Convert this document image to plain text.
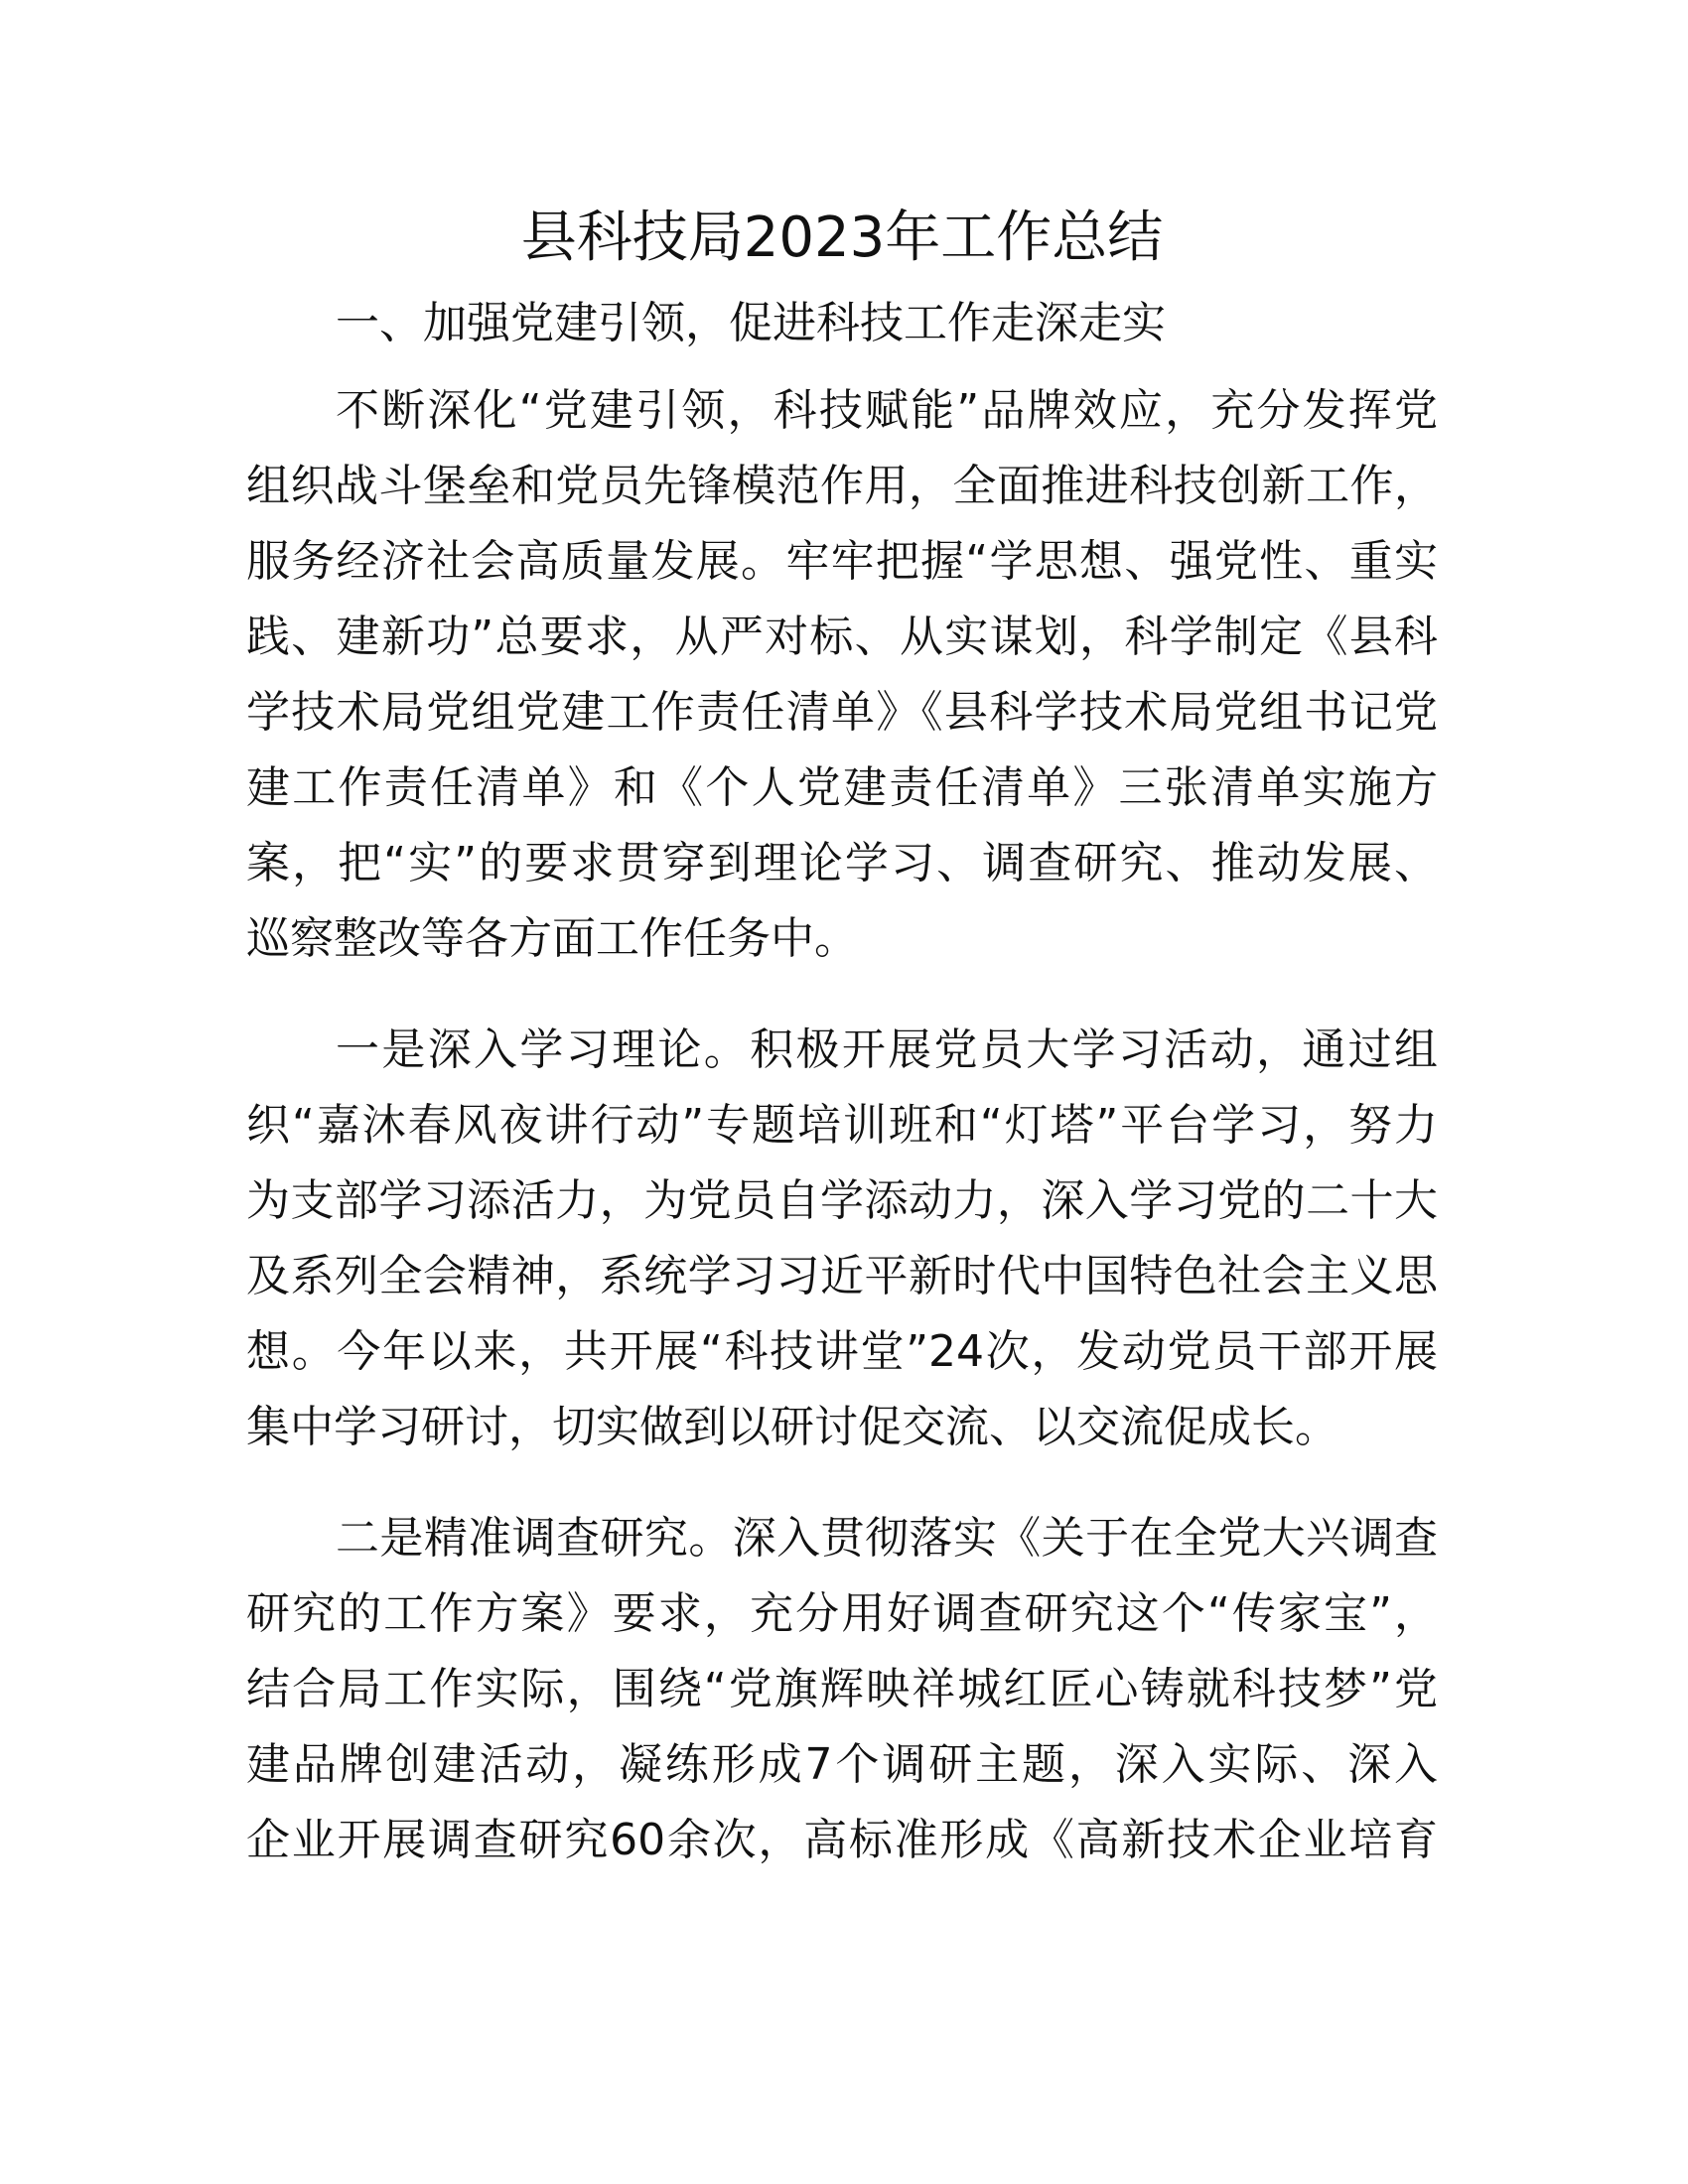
县科技局2023年工作总结
一、加强党建引领，促进科技工作走深走实
不断深化“党建引领，科技赋能”品牌效应，充分发挥党
组织战斗堡垒和党员先锋模范作用，全面推进科技创新工作，
服务经济社会高质量发展。牢牢把握“学思想、强党性、重实
践、建新功”总要求，从严对标、从实谋划，科学制定《县科
学技术局党组党建工作责任清单》《县科学技术局党组书记党
建工作责任清单》和《个人党建责任清单》三张清单实施方
案，把“实”的要求贯穿到理论学习、调查研究、推动发展、
巡察整改等各方面工作任务中。
一是深入学习理论。积极开展党员大学习活动，通过组
织“嘉沐春风夜讲行动”专题培训班和“灯塔”平台学习，努力
为支部学习添活力，为党员自学添动力，深入学习党的二十大
及系列全会精神，系统学习习近平新时代中国特色社会主义思
想。今年以来，共开展“科技讲堂”24次，发动党员干部开展
集中学习研讨，切实做到以研讨促交流、以交流促成长。
二是精准调查研究。深入贯彻落实《关于在全党大兴调查
研究的工作方案》要求，充分用好调查研究这个“传家宝”，
结合局工作实际，围绕“党旗辉映祥城红匠心铸就科技梦”党
建品牌创建活动，凝练形成7个调研主题，深入实际、深入
企业开展调查研究60余次，高标准形成《高新技术企业培育
